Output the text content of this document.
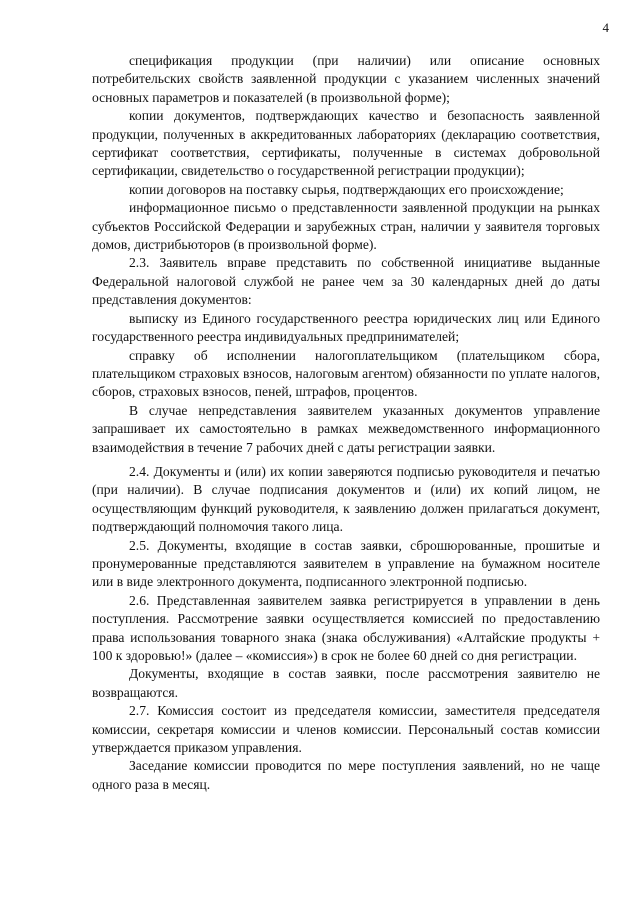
4

спецификация продукции (при наличии) или описание основных потребительских свойств заявленной продукции с указанием численных значений основных параметров и показателей (в произвольной форме);

копии документов, подтверждающих качество и безопасность заявленной продукции, полученных в аккредитованных лабораториях (декларацию соответствия, сертификат соответствия, сертификаты, полученные в системах добровольной сертификации, свидетельство о государственной регистрации продукции);

копии договоров на поставку сырья, подтверждающих его происхождение;

информационное письмо о представленности заявленной продукции на рынках субъектов Российской Федерации и зарубежных стран, наличии у заявителя торговых домов, дистрибьюторов (в произвольной форме).

2.3. Заявитель вправе представить по собственной инициативе выданные Федеральной налоговой службой не ранее чем за 30 календарных дней до даты представления документов:

выписку из Единого государственного реестра юридических лиц или Единого государственного реестра индивидуальных предпринимателей;

справку об исполнении налогоплательщиком (плательщиком сбора, плательщиком страховых взносов, налоговым агентом) обязанности по уплате налогов, сборов, страховых взносов, пеней, штрафов, процентов.

В случае непредставления заявителем указанных документов управление запрашивает их самостоятельно в рамках межведомственного информационного взаимодействия в течение 7 рабочих дней с даты регистрации заявки.

2.4. Документы и (или) их копии заверяются подписью руководителя и печатью (при наличии). В случае подписания документов и (или) их копий лицом, не осуществляющим функций руководителя, к заявлению должен прилагаться документ, подтверждающий полномочия такого лица.

2.5. Документы, входящие в состав заявки, сброшюрованные, прошитые и пронумерованные представляются заявителем в управление на бумажном носителе или в виде электронного документа, подписанного электронной подписью.

2.6. Представленная заявителем заявка регистрируется в управлении в день поступления. Рассмотрение заявки осуществляется комиссией по предоставлению права использования товарного знака (знака обслуживания) «Алтайские продукты + 100 к здоровью!» (далее – «комиссия») в срок не более 60 дней со дня регистрации.

Документы, входящие в состав заявки, после рассмотрения заявителю не возвращаются.

2.7. Комиссия состоит из председателя комиссии, заместителя председателя комиссии, секретаря комиссии и членов комиссии. Персональный состав комиссии утверждается приказом управления.

Заседание комиссии проводится по мере поступления заявлений, но не чаще одного раза в месяц.
